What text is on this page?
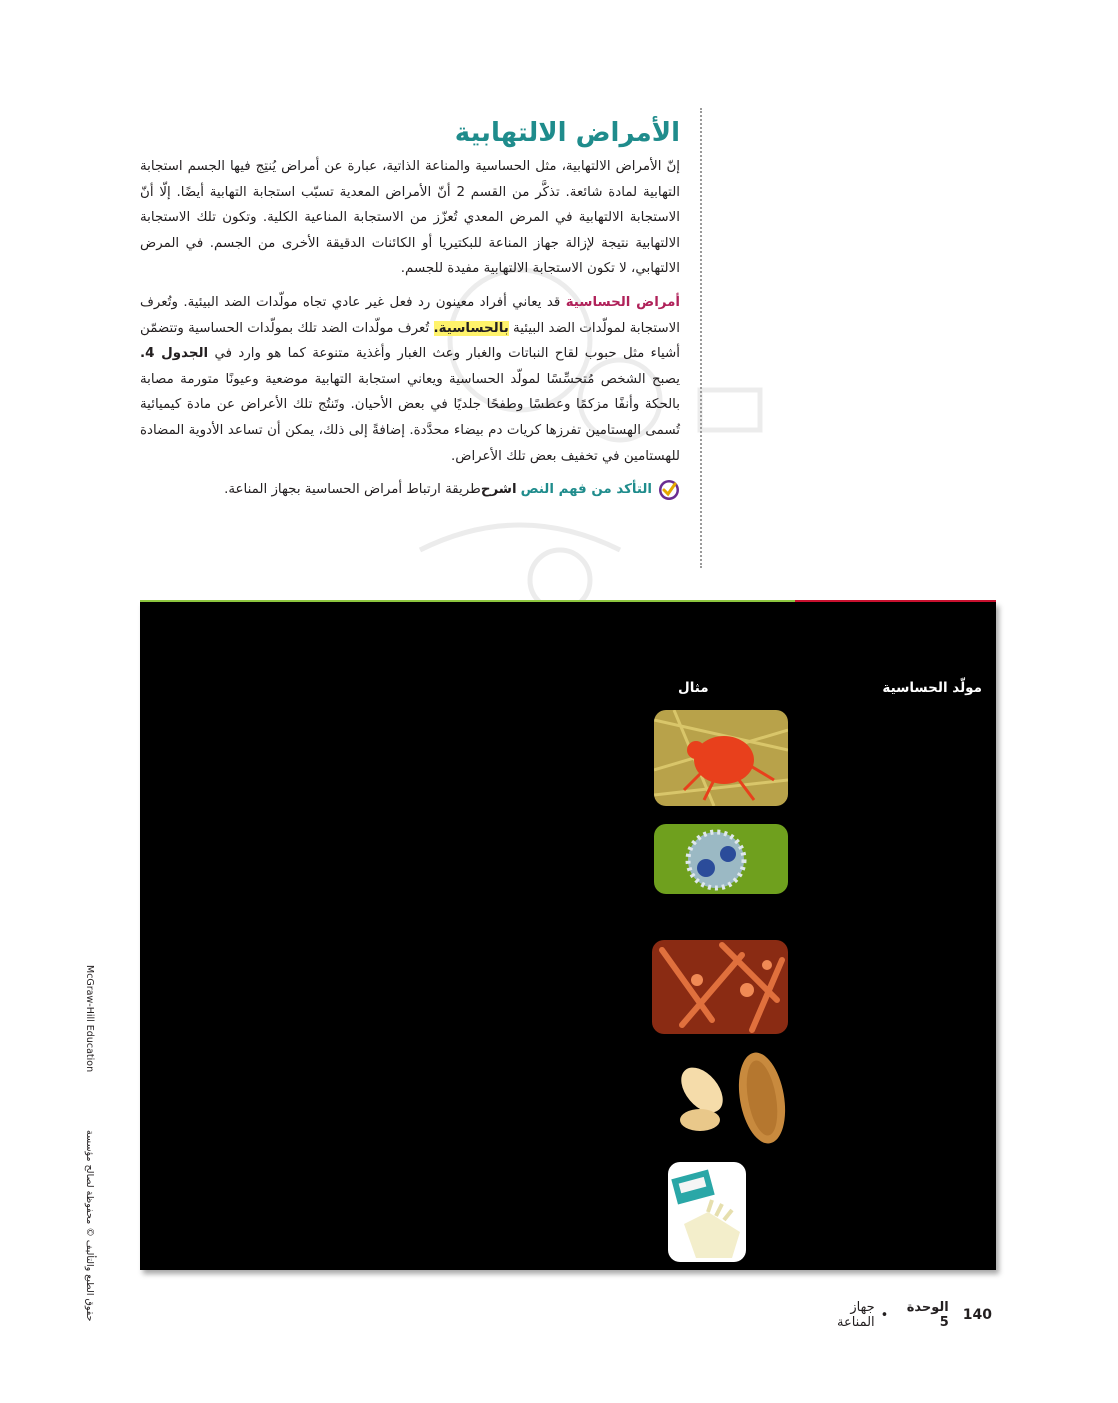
الأمراض الالتهابية

إنّ الأمراض الالتهابية، مثل الحساسية والمناعة الذاتية، عبارة عن أمراض يُنتِج فيها الجسم استجابة التهابية لمادة شائعة. تذكَّر من القسم 2 أنّ الأمراض المعدية تسبّب استجابة التهابية أيضًا. إلّا أنّ الاستجابة الالتهابية في المرض المعدي تُعزّز من الاستجابة المناعية الكلية. وتكون تلك الاستجابة الالتهابية نتيجة لإزالة جهاز المناعة للبكتيريا أو الكائنات الدقيقة الأخرى من الجسم. في المرض الالتهابي، لا تكون الاستجابة الالتهابية مفيدة للجسم.

أمراض الحساسية قد يعاني أفراد معينون رد فعل غير عادي تجاه مولّدات الضد البيئية. وتُعرف الاستجابة لمولّدات الضد البيئية بالحساسية. تُعرف مولّدات الضد تلك بمولّدات الحساسية وتتضمّن أشياء مثل حبوب لقاح النباتات والغبار وعث الغبار وأغذية متنوعة كما هو وارد في الجدول 4. يصبح الشخص مُتحسِّسًا لمولّد الحساسية ويعاني استجابة التهابية موضعية وعيونًا متورمة مصابة بالحكة وأنفًا مزكمًا وعطسًا وطفحًا جلديًا في بعض الأحيان. وتَنتُج تلك الأعراض عن مادة كيميائية تُسمى الهستامين تفرزها كريات دم بيضاء محدَّدة. إضافةً إلى ذلك، يمكن أن تساعد الأدوية المضادة للهستامين في تخفيف بعض تلك الأعراض.

التأكد من فهم النص
اشرح
طريقة ارتباط أمراض الحساسية بجهاز المناعة.
مولّد الحساسية
مثال
McGraw-Hill Education
حقوق الطبع والتأليف © محفوظة لصالح مؤسسة	140
الوحدة 5
•
جهاز المناعة
